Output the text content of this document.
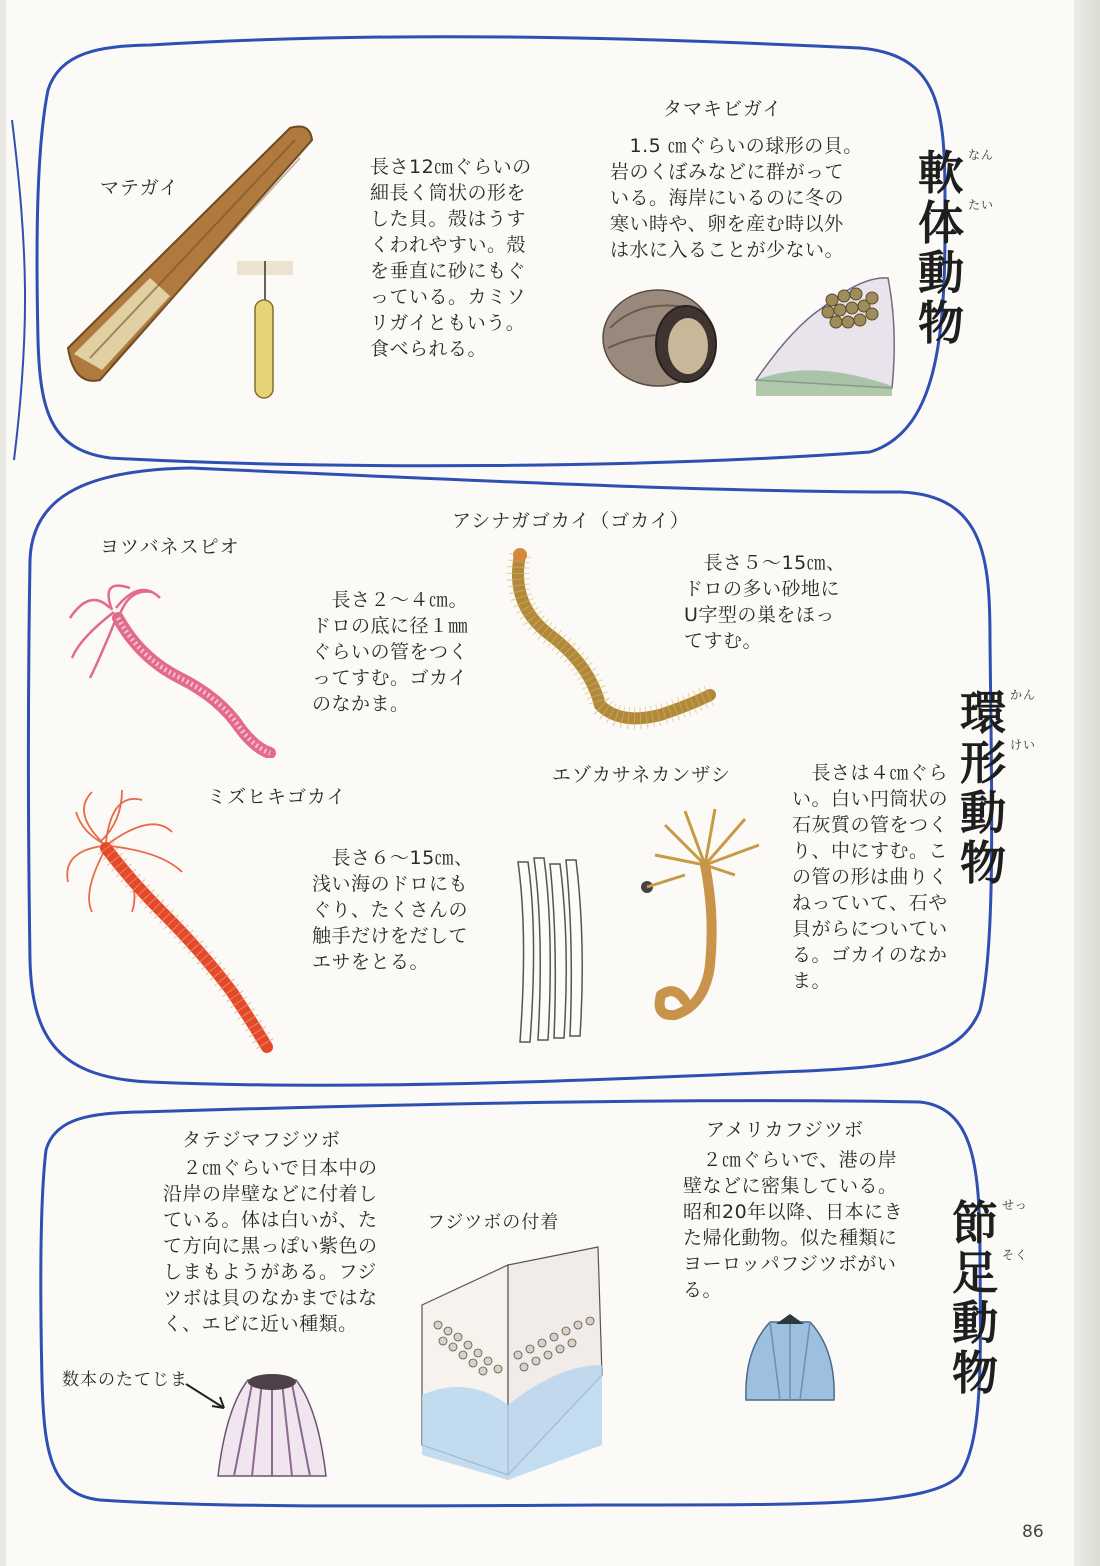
軟 なん
体 たい
動
物
マテガイ
長さ12㎝ぐらいの
細長く筒状の形を
した貝。殻はうす
くわれやすい。殻
を垂直に砂にもぐ
っている。カミソ
リガイともいう。
食べられる。
タマキビガイ
　1.5 ㎝ぐらいの球形の貝。
岩のくぼみなどに群がって
いる。海岸にいるのに冬の
寒い時や、卵を産む時以外
は水に入ることが少ない。
環 かん
形 けい
動
物
ヨツバネスピオ
　長さ２～４㎝。
ドロの底に径１㎜
ぐらいの管をつく
ってすむ。ゴカイ
のなかま。
アシナガゴカイ（ゴカイ）
　長さ５～15㎝、
ドロの多い砂地に
U字型の巣をほっ
てすむ。
ミズヒキゴカイ
　長さ６～15㎝、
浅い海のドロにも
ぐり、たくさんの
触手だけをだして
エサをとる。
エゾカサネカンザシ	　長さは４㎝ぐら
い。白い円筒状の
石灰質の管をつく
り、中にすむ。こ
の管の形は曲りく
ねっていて、石や
貝がらについてい
る。ゴカイのなか
ま。
節 せっ
足 そく
動
物
タテジマフジツボ
　２㎝ぐらいで日本中の
沿岸の岸壁などに付着し
ている。体は白いが、た
て方向に黒っぽい紫色の
しまもようがある。フジ
ツボは貝のなかまではな
く、エビに近い種類。
アメリカフジツボ
　２㎝ぐらいで、港の岸
壁などに密集している。
昭和20年以降、日本にき
た帰化動物。似た種類に
ヨーロッパフジツボがい
る。
フジツボの付着
数本のたてじま
86
